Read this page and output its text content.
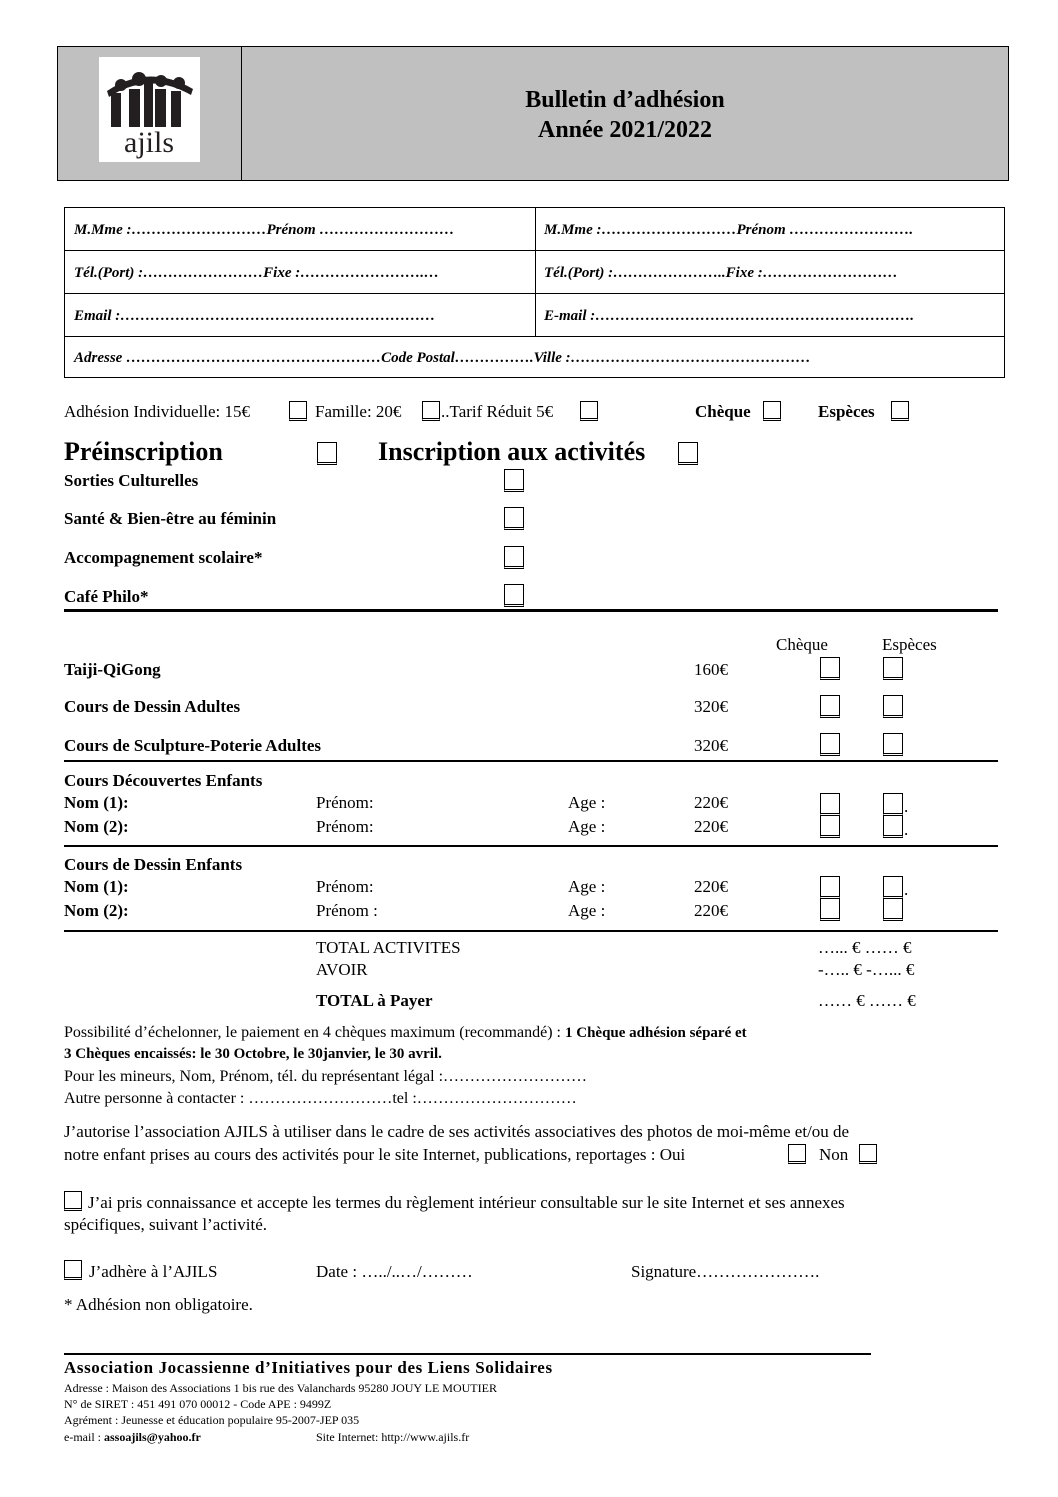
ajils
Bulletin d’adhésion
Année 2021/2022
M.Mme :………………………Prénom ………………………	M.Mme :………………………Prénom …………………….
Tél.(Port) :……………………Fixe :…………………….…	Tél.(Port) :…………………..Fixe :………………………
Email :………………………………………………………	E-mail :……………………………………………………….
Adresse ……………………………………………Code Postal…………….Ville :…………………………………………
Adhésion Individuelle: 15€	Famille: 20€ ..Tarif Réduit 5€	Chèque	Espèces
Préinscription	Inscription aux activités
Sorties Culturelles
Santé & Bien-être au féminin
Accompagnement scolaire*
Café Philo*
Chèque	Espèces
Taiji-QiGong	160€
Cours de Dessin Adultes	320€
Cours de Sculpture-Poterie Adultes	320€
Cours Découvertes Enfants
Nom (1):	Prénom:	Age :	220€	.
Nom (2):	Prénom:	Age :	220€	.
Cours de Dessin Enfants
Nom (1):	Prénom:	Age :	220€	.
Nom (2):	Prénom :	Age :	220€
TOTAL ACTIVITES	…... € …… €
AVOIR	-….. € -…... €
TOTAL à Payer	…… € …… €
Possibilité d’échelonner, le paiement en 4 chèques maximum (recommandé) : 1 Chèque adhésion séparé et
3 Chèques encaissés: le 30 Octobre, le 30janvier, le 30 avril.
Pour les mineurs, Nom, Prénom, tél. du représentant légal :………………………
Autre personne à contacter : ………………………tel :…………………………
J’autorise l’association AJILS à utiliser dans le cadre de ses activités associatives des photos de moi-même et/ou de
notre enfant prises au cours des activités pour le site Internet, publications, reportages : Oui	Non
J’ai pris connaissance et accepte les termes du règlement intérieur consultable sur le site Internet et ses annexes
spécifiques, suivant l’activité.
J’adhère à l’AJILS	Date : …../..…/………	Signature………………….
* Adhésion non obligatoire.
Association Jocassienne d’Initiatives pour des Liens Solidaires
Adresse : Maison des Associations 1 bis rue des Valanchards 95280 JOUY LE MOUTIER
N° de SIRET : 451 491 070 00012 - Code APE : 9499Z
Agrément : Jeunesse et éducation populaire 95-2007-JEP 035
e-mail : assoajils@yahoo.fr	Site Internet: http://www.ajils.fr
